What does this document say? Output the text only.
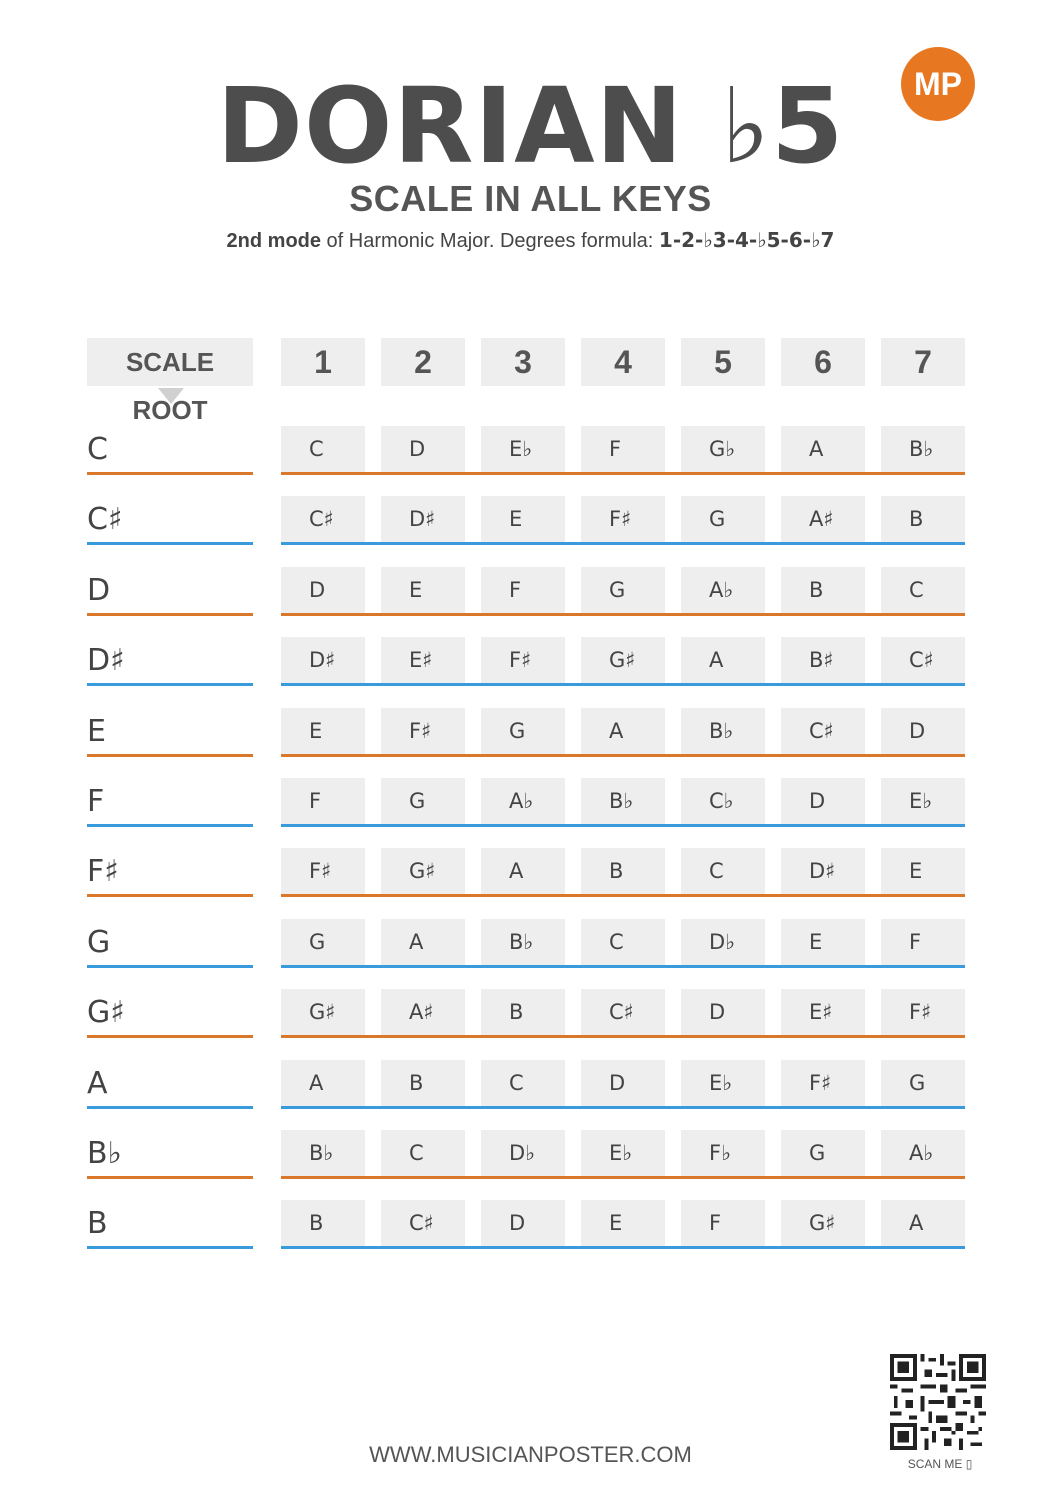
DORIAN ♭5
SCALE IN ALL KEYS
2nd mode of Harmonic Major. Degrees formula: 1-2-♭3-4-♭5-6-♭7
MP
SCALE ROOT
1	2	3	4	5	6	7
C	C	D	E♭	F	G♭	A	B♭
C♯	C♯	D♯	E	F♯	G	A♯	B
D	D	E	F	G	A♭	B	C
D♯	D♯	E♯	F♯	G♯	A	B♯	C♯
E	E	F♯	G	A	B♭	C♯	D
F	F	G	A♭	B♭	C♭	D	E♭
F♯	F♯	G♯	A	B	C	D♯	E
G	G	A	B♭	C	D♭	E	F
G♯	G♯	A♯	B	C♯	D	E♯	F♯
A	A	B	C	D	E♭	F♯	G
B♭	B♭	C	D♭	E♭	F♭	G	A♭
B	B	C♯	D	E	F	G♯	A
WWW.MUSICIANPOSTER.COM	SCAN ME ▯
